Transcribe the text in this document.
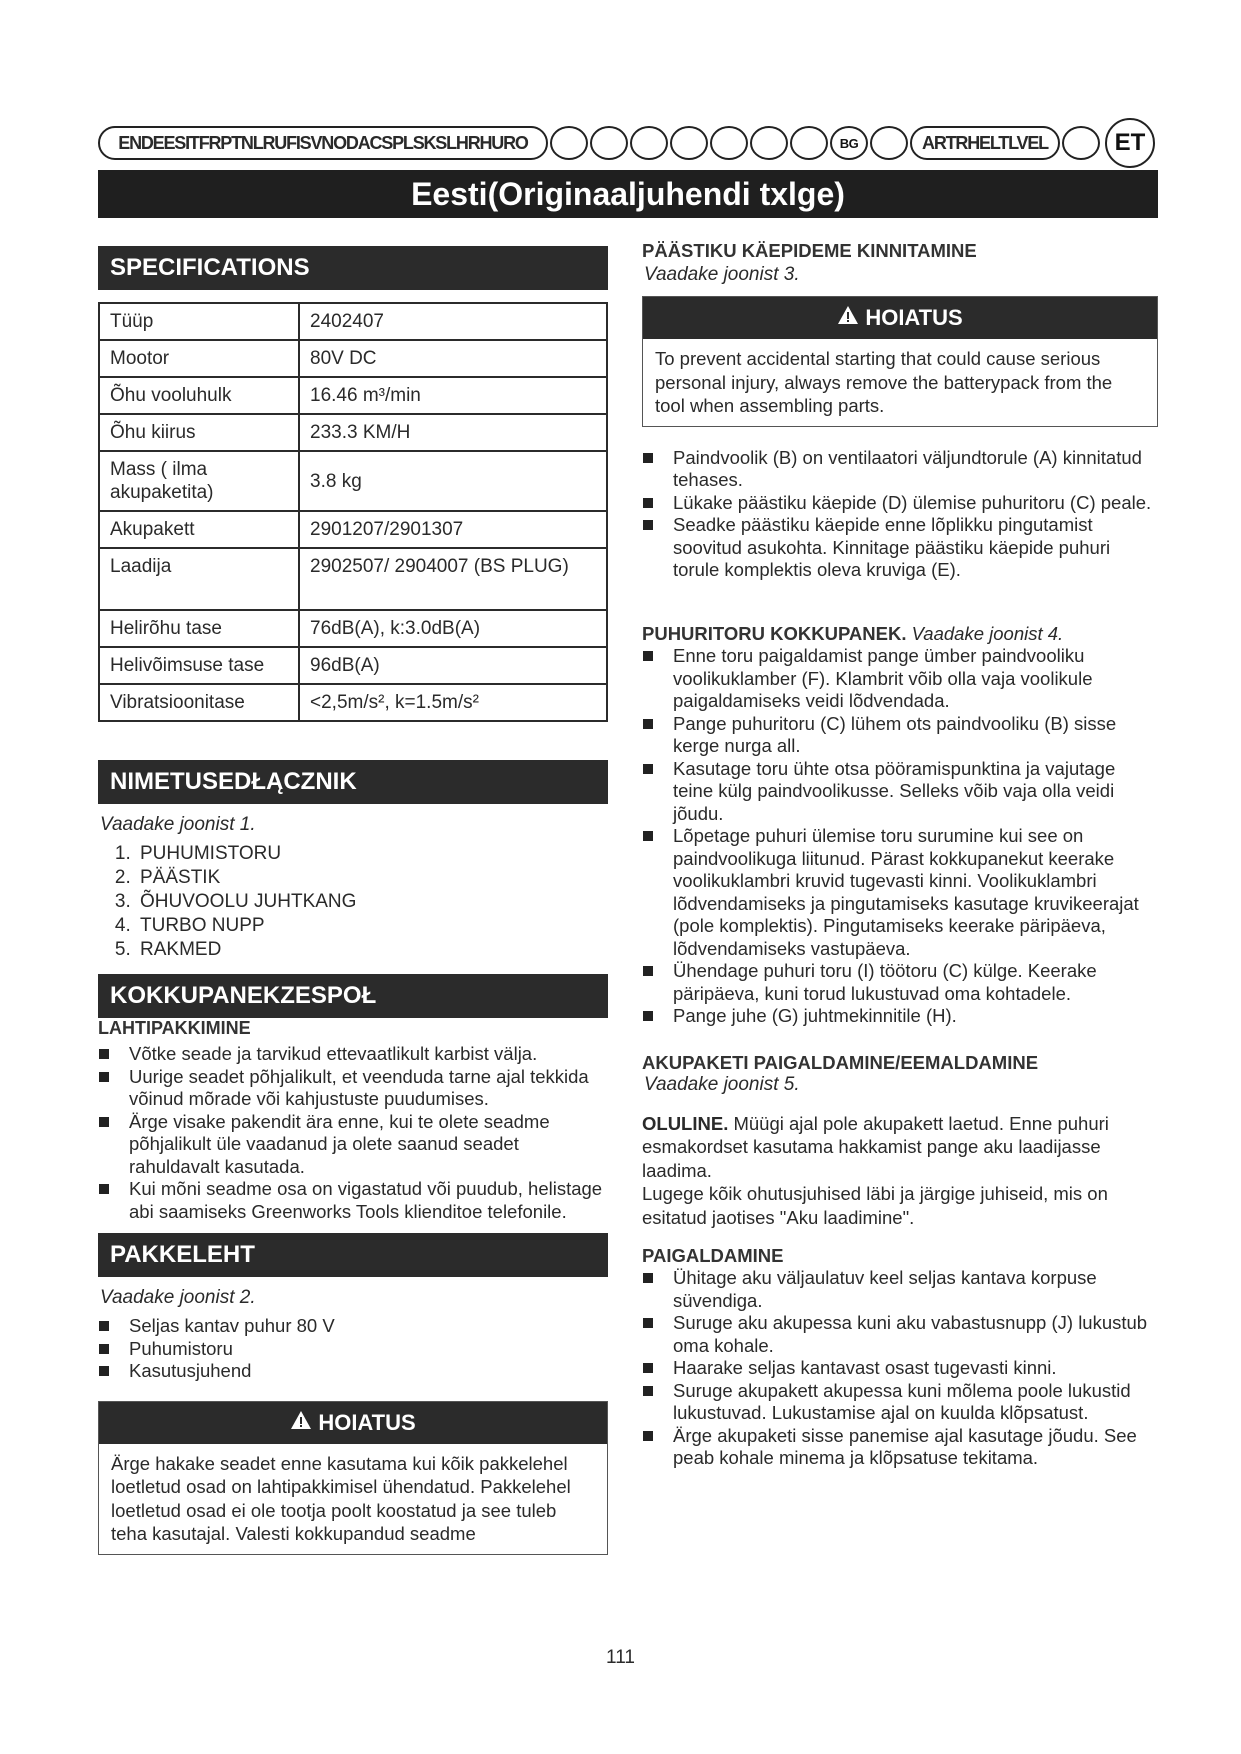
ENDEESITFRPTNLRUFISVNODACSPLSKSLHRHURO	BG	ARTRHELTLVEL	ET
Eesti(Originaaljuhendi txlge)
SPECIFICATIONS
Tüüp	2402407
Mootor	80V DC
Õhu vooluhulk	16.46 m³/min
Õhu kiirus	233.3 KM/H
Mass ( ilma akupaketita)	3.8 kg
Akupakett	2901207/2901307
Laadija	2902507/ 2904007 (BS PLUG)
Helirõhu tase	76dB(A), k:3.0dB(A)
Helivõimsuse tase	96dB(A)
Vibratsioonitase	<2,5m/s², k=1.5m/s²
NIMETUSEDŁĄCZNIK
Vaadake joonist 1.
1. PUHUMISTORU
2. PÄÄSTIK
3. ÕHUVOOLU JUHTKANG
4. TURBO NUPP
5. RAKMED
KOKKUPANEKZESPOŁ
LAHTIPAKKIMINE
Võtke seade ja tarvikud ettevaatlikult karbist välja.
Uurige seadet põhjalikult, et veenduda tarne ajal tekkida võinud mõrade või kahjustuste puudumises.
Ärge visake pakendit ära enne, kui te olete seadme põhjalikult üle vaadanud ja olete saanud seadet rahuldavalt kasutada.
Kui mõni seadme osa on vigastatud või puudub, helistage abi saamiseks Greenworks Tools klienditoe telefonile.
PAKKELEHT
Vaadake joonist 2.
Seljas kantav puhur 80 V
Puhumistoru
Kasutusjuhend
HOIATUS
Ärge hakake seadet enne kasutama kui kõik pakkelehel loetletud osad on lahtipakkimisel ühendatud. Pakkelehel loetletud osad ei ole tootja poolt koostatud ja see tuleb teha kasutajal. Valesti kokkupandud seadme
PÄÄSTIKU KÄEPIDEME KINNITAMINE
Vaadake joonist 3.
HOIATUS
To prevent accidental starting that could cause serious personal injury, always remove the batterypack from the tool when assembling parts.
Paindvoolik (B) on ventilaatori väljundtorule (A) kinnitatud tehases.
Lükake päästiku käepide (D) ülemise puhuritoru (C) peale.
Seadke päästiku käepide enne lõplikku pingutamist soovitud asukohta. Kinnitage päästiku käepide puhuri torule komplektis oleva kruviga (E).
PUHURITORU KOKKUPANEK. Vaadake joonist 4.
Enne toru paigaldamist pange ümber paindvooliku voolikuklamber (F). Klambrit võib olla vaja voolikule paigaldamiseks veidi lõdvendada.
Pange puhuritoru (C) lühem ots paindvooliku (B) sisse kerge nurga all.
Kasutage toru ühte otsa pööramispunktina ja vajutage teine külg paindvoolikusse. Selleks võib vaja olla veidi jõudu.
Lõpetage puhuri ülemise toru surumine kui see on paindvoolikuga liitunud. Pärast kokkupanekut keerake voolikuklambri kruvid tugevasti kinni. Voolikuklambri lõdvendamiseks ja pingutamiseks kasutage kruvikeerajat (pole komplektis). Pingutamiseks keerake päripäeva, lõdvendamiseks vastupäeva.
Ühendage puhuri toru (I) töötoru (C) külge. Keerake päripäeva, kuni torud lukustuvad oma kohtadele.
Pange juhe (G) juhtmekinnitile (H).
AKUPAKETI PAIGALDAMINE/EEMALDAMINE
Vaadake joonist 5.
OLULINE. Müügi ajal pole akupakett laetud. Enne puhuri esmakordset kasutama hakkamist pange aku laadijasse laadima.
Lugege kõik ohutusjuhised läbi ja järgige juhiseid, mis on esitatud jaotises "Aku laadimine".
PAIGALDAMINE
Ühitage aku väljaulatuv keel seljas kantava korpuse süvendiga.
Suruge aku akupessa kuni aku vabastusnupp (J) lukustub oma kohale.
Haarake seljas kantavast osast tugevasti kinni.
Suruge akupakett akupessa kuni mõlema poole lukustid lukustuvad. Lukustamise ajal on kuulda klõpsatust.
Ärge akupaketi sisse panemise ajal kasutage jõudu. See peab kohale minema ja klõpsatuse tekitama.
111
